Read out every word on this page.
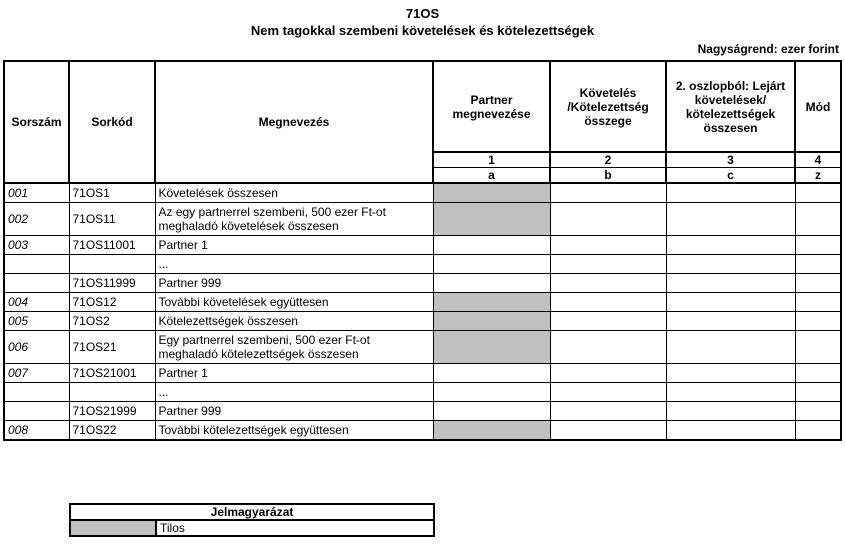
71OS
Nem tagokkal szembeni követelések és kötelezettségek
Nagyságrend: ezer forint
Sorszám	Sorkód	Megnevezés	Partner megnevezése	Követelés /Kötelezettség összege	2. oszlopból: Lejárt követelések/ kötelezettségek összesen	Mód
			1	2	3	4
			a	b	c	z
001	71OS1	Követelések összesen				
002	71OS11	Az egy partnerrel szembeni, 500 ezer Ft-ot meghaladó követelések összesen				
003	71OS11001	Partner 1				
		...				
	71OS11999	Partner 999				
004	71OS12	További követelések együttesen				
005	71OS2	Kötelezettségek összesen				
006	71OS21	Egy partnerrel szembeni, 500 ezer Ft-ot meghaladó kötelezettségek összesen				
007	71OS21001	Partner 1				
		...				
	71OS21999	Partner 999				
008	71OS22	További kötelezettségek együttesen				
Jelmagyarázat
	Tilos
